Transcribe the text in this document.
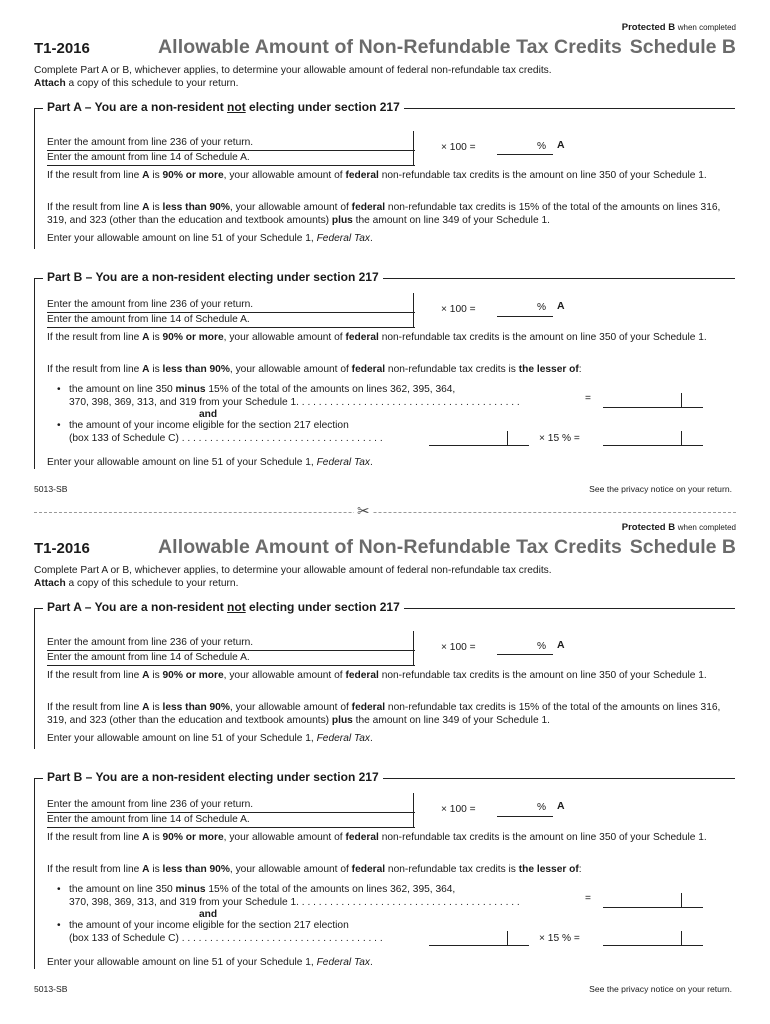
Protected B when completed
T1-2016	Allowable Amount of Non-Refundable Tax Credits Schedule B
Complete Part A or B, whichever applies, to determine your allowable amount of federal non-refundable tax credits.
Attach a copy of this schedule to your return.
Part A – You are a non-resident not electing under section 217
Enter the amount from line 236 of your return.
Enter the amount from line 14 of Schedule A.
× 100 =	% A
If the result from line A is 90% or more, your allowable amount of federal non-refundable tax credits is the amount on line 350 of your Schedule 1.
If the result from line A is less than 90%, your allowable amount of federal non-refundable tax credits is 15% of the total of the amounts on lines 316, 319, and 323 (other than the education and textbook amounts) plus the amount on line 349 of your Schedule 1.
Enter your allowable amount on line 51 of your Schedule 1, Federal Tax.
Part B – You are a non-resident electing under section 217
Enter the amount from line 236 of your return.
Enter the amount from line 14 of Schedule A.
× 100 =	% A
If the result from line A is 90% or more, your allowable amount of federal non-refundable tax credits is the amount on line 350 of your Schedule 1.
If the result from line A is less than 90%, your allowable amount of federal non-refundable tax credits is the lesser of:
• the amount on line 350 minus 15% of the total of the amounts on lines 362, 395, 364,
370, 398, 369, 313, and 319 from your Schedule 1. . . . . . . . . . . . . . . . . . . . . . . . . . . . . . . . . . . . . . . .	=
and
• the amount of your income eligible for the section 217 election
(box 133 of Schedule C) . . . . . . . . . . . . . . . . . . . . . . . . . . . . . . . . . . . .	× 15 % =
Enter your allowable amount on line 51 of your Schedule 1, Federal Tax.
5013-SB	See the privacy notice on your return.
✂
Protected B when completed
T1-2016	Allowable Amount of Non-Refundable Tax Credits Schedule B
Complete Part A or B, whichever applies, to determine your allowable amount of federal non-refundable tax credits.
Attach a copy of this schedule to your return.
Part A – You are a non-resident not electing under section 217
Enter the amount from line 236 of your return.
Enter the amount from line 14 of Schedule A.
× 100 =	% A
If the result from line A is 90% or more, your allowable amount of federal non-refundable tax credits is the amount on line 350 of your Schedule 1.
If the result from line A is less than 90%, your allowable amount of federal non-refundable tax credits is 15% of the total of the amounts on lines 316, 319, and 323 (other than the education and textbook amounts) plus the amount on line 349 of your Schedule 1.
Enter your allowable amount on line 51 of your Schedule 1, Federal Tax.
Part B – You are a non-resident electing under section 217
Enter the amount from line 236 of your return.
Enter the amount from line 14 of Schedule A.
× 100 =	% A
If the result from line A is 90% or more, your allowable amount of federal non-refundable tax credits is the amount on line 350 of your Schedule 1.
If the result from line A is less than 90%, your allowable amount of federal non-refundable tax credits is the lesser of:
• the amount on line 350 minus 15% of the total of the amounts on lines 362, 395, 364,
370, 398, 369, 313, and 319 from your Schedule 1. . . . . . . . . . . . . . . . . . . . . . . . . . . . . . . . . . . . . . . .	=
and
• the amount of your income eligible for the section 217 election
(box 133 of Schedule C) . . . . . . . . . . . . . . . . . . . . . . . . . . . . . . . . . . . .	× 15 % =
Enter your allowable amount on line 51 of your Schedule 1, Federal Tax.
5013-SB	See the privacy notice on your return.
